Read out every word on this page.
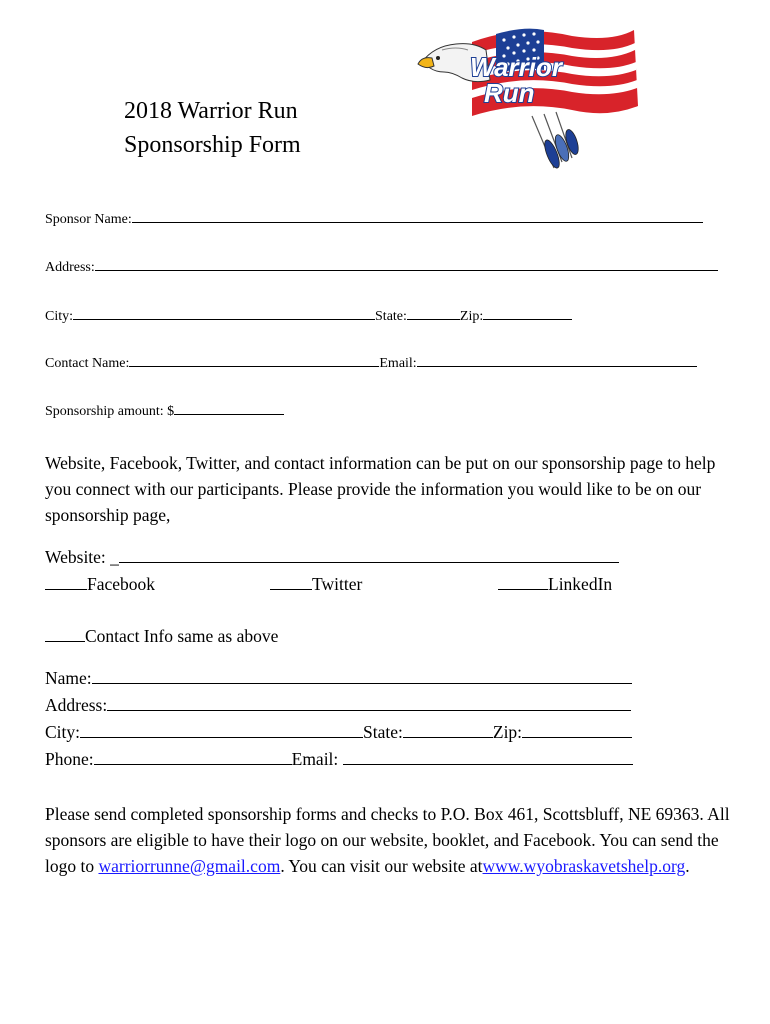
2018 Warrior Run
Sponsorship Form
Warrior
Run
Sponsor Name:
Address:
City:	State:	Zip:
Contact Name:	Email:
Sponsorship amount: $
Website, Facebook, Twitter, and contact information can be put on our sponsorship page to help you connect with our participants. Please provide the information you would like to be on our sponsorship page,
Website: _
Facebook	Twitter	LinkedIn
Contact Info same as above
Name:
Address:
City:	State:	Zip:
Phone:	Email:
Please send completed sponsorship forms and checks to P.O. Box 461, Scottsbluff, NE 69363. All sponsors are eligible to have their logo on our website, booklet, and Facebook. You can send the logo to warriorrunne@gmail.com. You can visit our website atwww.wyobraskavetshelp.org.
